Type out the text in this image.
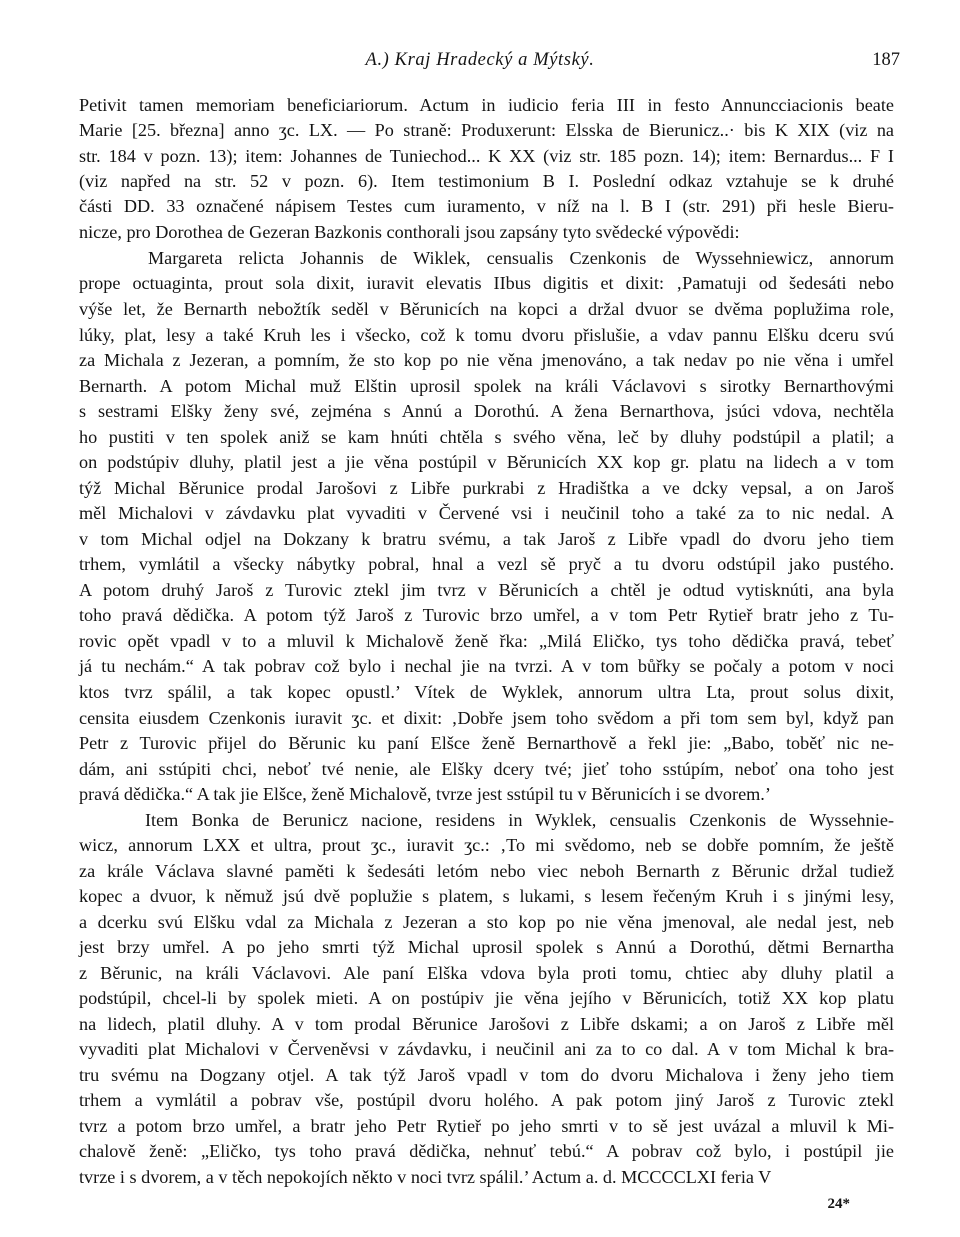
A.) Kraj Hradecký a Mýtský.	187
Petivit tamen memoriam beneficiariorum. Actum in iudicio feria III in festo Annuncciacionis beate
Marie [25. března] anno ʒc. LX. — Po straně: Produxerunt: Elsska de Bierunicz..· bis K XIX (viz na
str. 184 v pozn. 13); item: Johannes de Tuniechod... K XX (viz str. 185 pozn. 14); item: Bernardus... F I
(viz napřed na str. 52 v pozn. 6). Item testimonium B I. Poslední odkaz vztahuje se k druhé
části DD. 33 označené nápisem Testes cum iuramento, v níž na l. B I (str. 291) při hesle Bieru-
nicze, pro Dorothea de Gezeran Bazkonis conthorali jsou zapsány tyto svědecké výpovědi:
Margareta relicta Johannis de Wiklek, censualis Czenkonis de Wyssehniewicz, annorum
prope octuaginta, prout sola dixit, iuravit elevatis IIbus digitis et dixit: ‚Pamatuji od šedesáti nebo
výše let, že Bernarth nebožtík seděl v Běrunicích na kopci a držal dvuor se dvěma poplužima role,
lúky, plat, lesy a také Kruh les i všecko, což k tomu dvoru přislušie, a vdav pannu Elšku dceru svú
za Michala z Jezeran, a pomním, že sto kop po nie věna jmenováno, a tak nedav po nie věna i umřel
Bernarth. A potom Michal muž Elštin uprosil spolek na králi Václavovi s sirotky Bernarthovými
s sestrami Elšky ženy své, zejména s Annú a Dorothú. A žena Bernarthova, jsúci vdova, nechtěla
ho pustiti v ten spolek aniž se kam hnúti chtěla s svého věna, leč by dluhy podstúpil a platil; a
on podstúpiv dluhy, platil jest a jie věna postúpil v Běrunicích XX kop gr. platu na lidech a v tom
týž Michal Běrunice prodal Jarošovi z Libře purkrabi z Hradištka a ve dcky vepsal, a on Jaroš
měl Michalovi v závdavku plat vyvaditi v Červené vsi i neučinil toho a také za to nic nedal. A
v tom Michal odjel na Dokzany k bratru svému, a tak Jaroš z Libře vpadl do dvoru jeho tiem
trhem, vymlátil a všecky nábytky pobral, hnal a vezl sě pryč a tu dvoru odstúpil jako pustého.
A potom druhý Jaroš z Turovic ztekl jim tvrz v Běrunicích a chtěl je odtud vytisknúti, ana byla
toho pravá dědička. A potom týž Jaroš z Turovic brzo umřel, a v tom Petr Rytieř bratr jeho z Tu-
rovic opět vpadl v to a mluvil k Michalově ženě řka: „Milá Eličko, tys toho dědička pravá, tebeť
já tu nechám.“ A tak pobrav což bylo i nechal jie na tvrzi. A v tom bůřky se počaly a potom v noci
ktos tvrz spálil, a tak kopec opustl.’ Vítek de Wyklek, annorum ultra Lta, prout solus dixit,
censita eiusdem Czenkonis iuravit ʒc. et dixit: ‚Dobře jsem toho svědom a při tom sem byl, když pan
Petr z Turovic přijel do Běrunic ku paní Elšce ženě Bernarthově a řekl jie: „Babo, toběť nic ne-
dám, ani sstúpiti chci, neboť tvé nenie, ale Elšky dcery tvé; jieť toho sstúpím, neboť ona toho jest
pravá dědička.“ A tak jie Elšce, ženě Michalově, tvrze jest sstúpil tu v Běrunicích i se dvorem.’
Item Bonka de Berunicz nacione, residens in Wyklek, censualis Czenkonis de Wyssehnie-
wicz, annorum LXX et ultra, prout ʒc., iuravit ʒc.: ‚To mi svědomo, neb se dobře pomním, že ještě
za krále Václava slavné paměti k šedesáti letóm nebo viec neboh Bernarth z Běrunic držal tudiež
kopec a dvuor, k němuž jsú dvě poplužie s platem, s lukami, s lesem řečeným Kruh i s jinými lesy,
a dcerku svú Elšku vdal za Michala z Jezeran a sto kop po nie věna jmenoval, ale nedal jest, neb
jest brzy umřel. A po jeho smrti týž Michal uprosil spolek s Annú a Dorothú, dětmi Bernartha
z Běrunic, na králi Václavovi. Ale paní Elška vdova byla proti tomu, chtiec aby dluhy platil a
podstúpil, chcel-li by spolek mieti. A on postúpiv jie věna jejího v Běrunicích, totiž XX kop platu
na lidech, platil dluhy. A v tom prodal Běrunice Jarošovi z Libře dskami; a on Jaroš z Libře měl
vyvaditi plat Michalovi v Červeněvsi v závdavku, i neučinil ani za to co dal. A v tom Michal k bra-
tru svému na Dogzany otjel. A tak týž Jaroš vpadl v tom do dvoru Michalova i ženy jeho tiem
trhem a vymlátil a pobrav vše, postúpil dvoru holého. A pak potom jiný Jaroš z Turovic ztekl
tvrz a potom brzo umřel, a bratr jeho Petr Rytieř po jeho smrti v to sě jest uvázal a mluvil k Mi-
chalově ženě: „Eličko, tys toho pravá dědička, nehnuť tebú.“ A pobrav což bylo, i postúpil jie
tvrze i s dvorem, a v těch nepokojích někto v noci tvrz spálil.’ Actum a. d. MCCCCLXI feria V
24*
